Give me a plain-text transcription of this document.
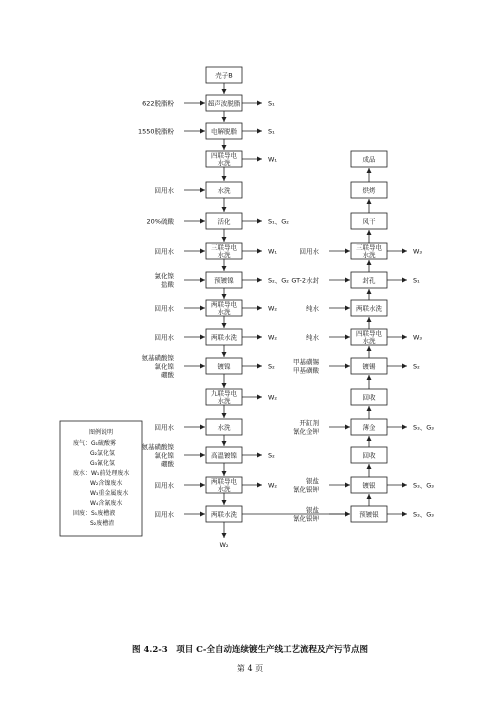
壳子B
超声波脱脂
622脱脂粉	S₁
电解脱脂
1550脱脂粉	S₁
四联导电
水洗	W₁
水洗
回用水
活化
20%硫酸	S₁、G₂
三联导电
水洗
回用水	W₁
预镀镍
氯化镍
盐酸
S₂、G₂
两联导电
水洗
回用水	W₂
两联水洗
回用水	W₂
镀镍
氨基磺酸镍
氯化镍
硼酸
S₂
九联导电
水洗	W₂
水洗
回用水
高温镀镍
氨基磺酸镍
氯化镍
硼酸
S₂
两联导电
水洗
回用水	W₂
两联水洗
回用水	预镀银
银盐
氰化银钾
S₃、G₃
镀银
银盐
氰化银钾
S₃、G₃
回收
薄金
开缸剂
氰化金钾
S₃、G₃
回收
镀锡
甲基磺锡
甲基磺酸
S₂
四联导电
水洗
纯水	W₃
两联水洗
纯水
封孔
GT-2水封	S₁
三联导电
水洗
回用水	W₃
风干
烘烤
成品
W₂
图例说明
废气：G₁硫酸雾
G₂氯化氢
G₃氰化氢
废水：W₁前处理废水
W₂含镍废水
W₃重金属废水
W₄含氰废水
固废：S₁废槽液
S₂废槽渣
图 4.2-3　项目 C-全自动连续镀生产线工艺流程及产污节点图
第 4 页
